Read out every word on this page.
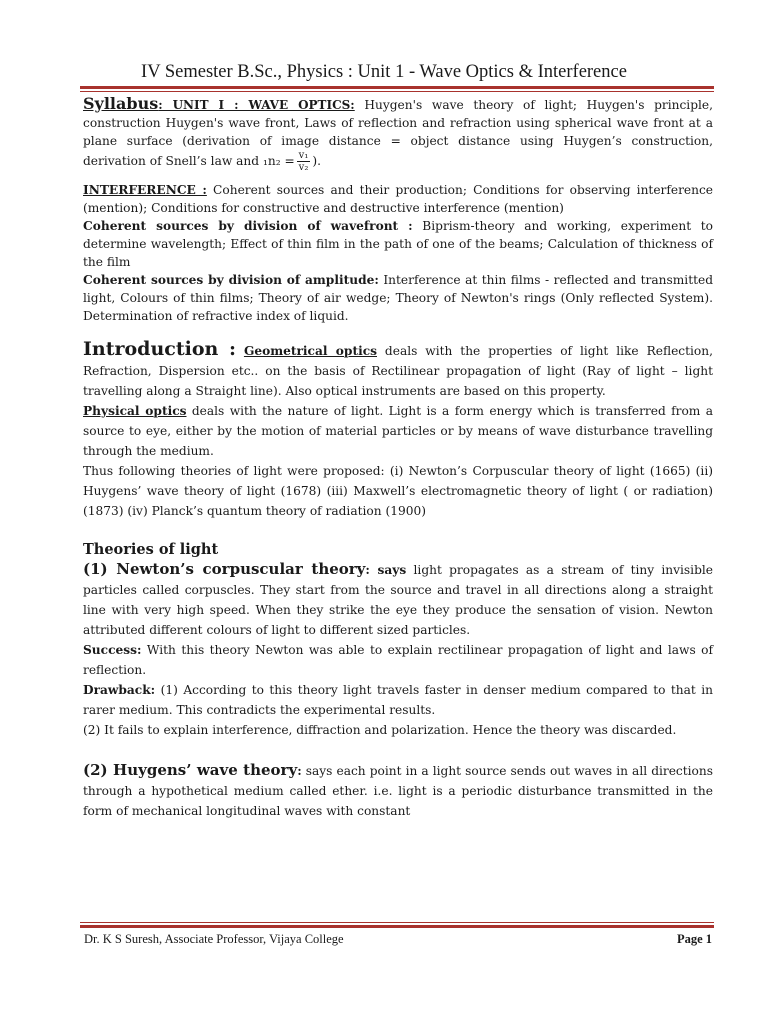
IV Semester B.Sc., Physics : Unit 1 - Wave Optics & Interference

Syllabus: UNIT I : WAVE OPTICS: Huygen's wave theory of light; Huygen's principle, construction Huygen's wave front, Laws of reflection and refraction using spherical wave front at a plane surface (derivation of image distance = object distance using Huygen’s construction, derivation of Snell’s law and $_1n_2 = \frac{\text{v₁}}{\text{v₂}}$ ).

INTERFERENCE : Coherent sources and their production; Conditions for observing interference (mention); Conditions for constructive and destructive interference (mention)

Coherent sources by division of wavefront : Biprism-theory and working, experiment to determine wavelength; Effect of thin film in the path of one of the beams; Calculation of thickness of the film

Coherent sources by division of amplitude: Interference at thin films - reflected and transmitted light, Colours of thin films; Theory of air wedge; Theory of Newton's rings (Only reflected System). Determination of refractive index of liquid.

Introduction : Geometrical optics deals with the properties of light like Reflection, Refraction, Dispersion etc.. on the basis of Rectilinear propagation of light (Ray of light – light travelling along a Straight line). Also optical instruments are based on this property.

Physical optics deals with the nature of light. Light is a form energy which is transferred from a source to eye, either by the motion of material particles or by means of wave disturbance travelling through the medium.

Thus following theories of light were proposed: (i) Newton’s Corpuscular theory of light (1665) (ii) Huygens’ wave theory of light (1678) (iii) Maxwell’s electromagnetic theory of light ( or radiation) (1873) (iv) Planck’s quantum theory of radiation (1900)

Theories of light

(1) Newton’s corpuscular theory: says light propagates as a stream of tiny invisible particles called corpuscles. They start from the source and travel in all directions along a straight line with very high speed. When they strike the eye they produce the sensation of vision. Newton attributed different colours of light to different sized particles.

Success: With this theory Newton was able to explain rectilinear propagation of light and laws of reflection.

Drawback: (1) According to this theory light travels faster in denser medium compared to that in rarer medium. This contradicts the experimental results.

(2) It fails to explain interference, diffraction and polarization. Hence the theory was discarded.

(2) Huygens’ wave theory: says each point in a light source sends out waves in all directions through a hypothetical medium called ether. i.e. light is a periodic disturbance transmitted in the form of mechanical longitudinal waves with constant

Dr. K S Suresh, Associate Professor, Vijaya College	Page 1
